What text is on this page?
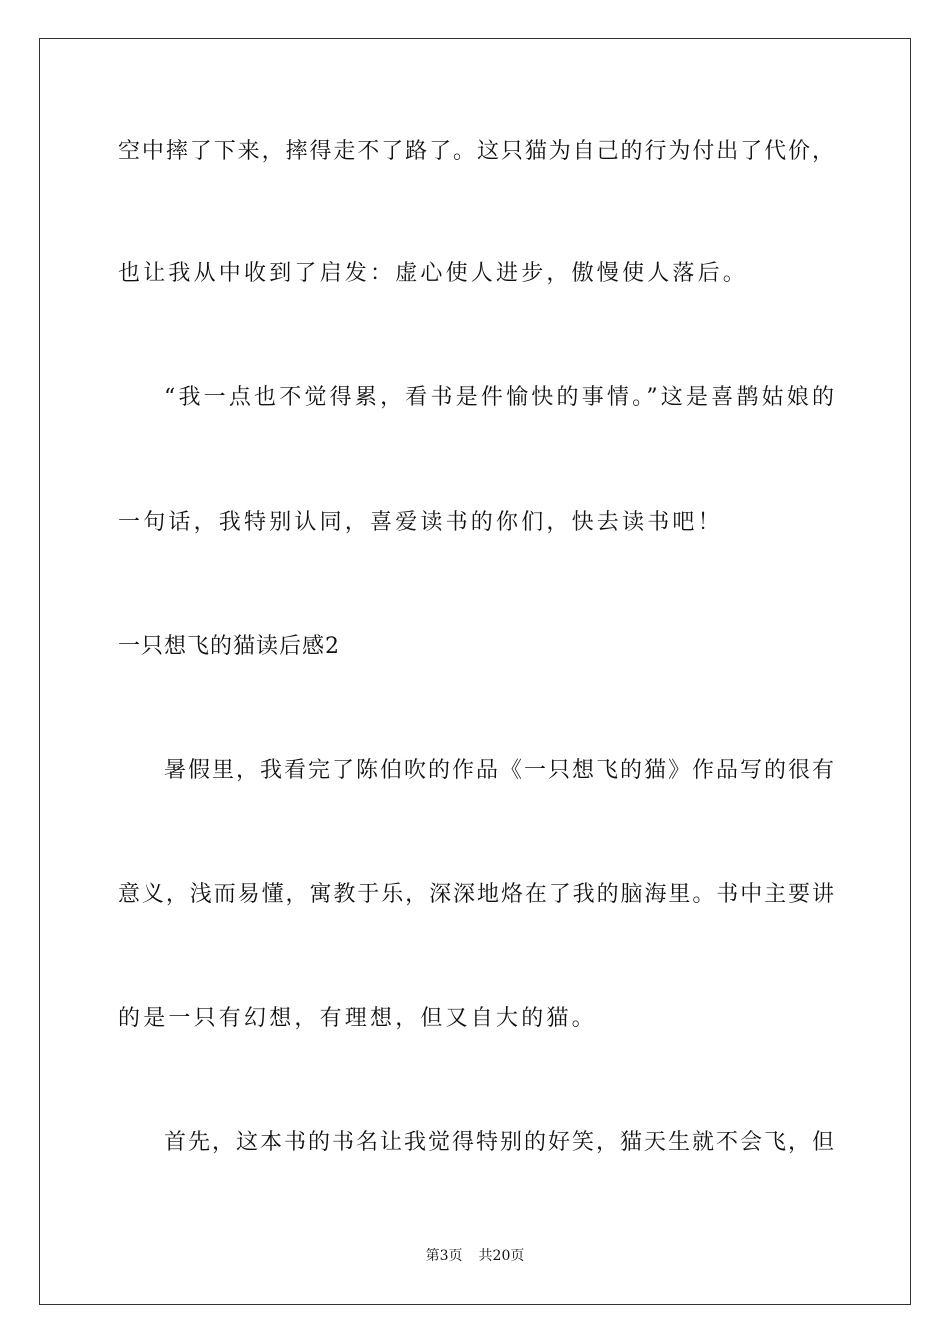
空中摔了下来，摔得走不了路了。这只猫为自己的行为付出了代价，
也让我从中收到了启发：虚心使人进步，傲慢使人落后。
“我一点也不觉得累，看书是件愉快的事情。”这是喜鹊姑娘的
一句话，我特别认同，喜爱读书的你们，快去读书吧！
一只想飞的猫读后感2
暑假里，我看完了陈伯吹的作品《一只想飞的猫》作品写的很有
意义，浅而易懂，寓教于乐，深深地烙在了我的脑海里。书中主要讲
的是一只有幻想，有理想，但又自大的猫。
首先，这本书的书名让我觉得特别的好笑，猫天生就不会飞，但
第3页 共20页
